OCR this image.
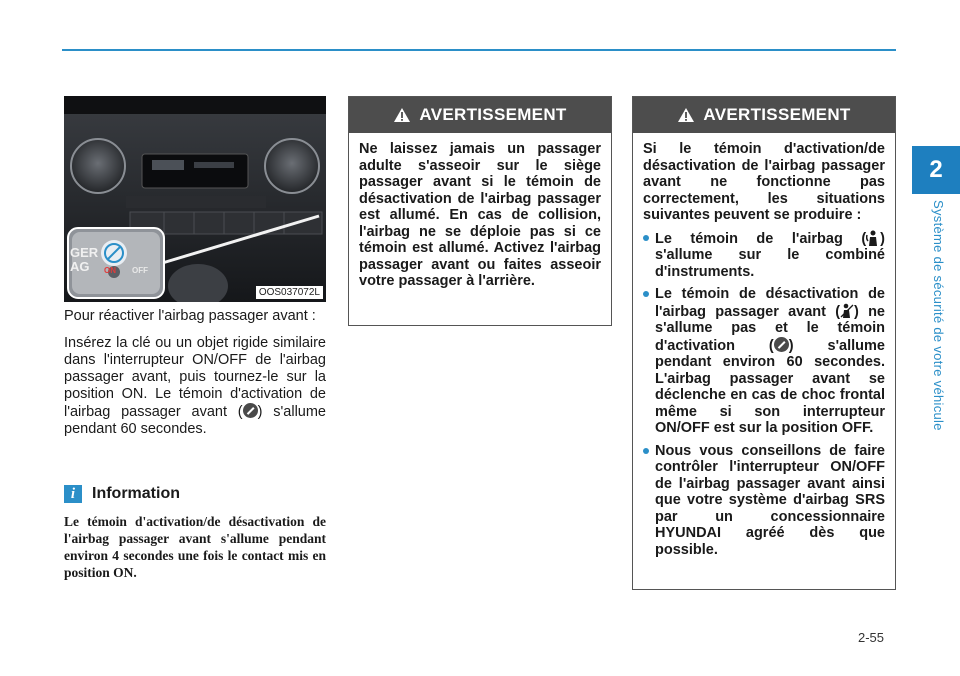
2
Système de sécurité de votre véhicule
2-55
GER
AG	ON OFF
OOS037072L

Pour réactiver l'airbag passager avant :

Insérez la clé ou un objet rigide similaire dans l'interrupteur ON/OFF de l'airbag passager avant, puis tournez-le sur la position ON. Le témoin d'activation de l'airbag passager avant ( ) s'allume pendant 60 secondes.

i	Information
Le témoin d'activation/de désactivation de l'airbag passager avant s'allume pendant environ 4 secondes une fois le contact mis en position ON.
AVERTISSEMENT
Ne laissez jamais un passager adulte s'asseoir sur le siège passager avant si le témoin de désactivation de l'airbag passager est allumé. En cas de collision, l'airbag ne se déploie pas si ce témoin est allumé. Activez l'airbag passager avant ou faites asseoir votre passager à l'arrière.
AVERTISSEMENT

Si le témoin d'activation/de désactivation de l'airbag passager avant ne fonctionne pas correctement, les situations suivantes peuvent se produire :

Le témoin de l'airbag ( ) s'allume sur le combiné d'instruments.
Le témoin de désactivation de l'airbag passager avant ( ) ne s'allume pas et le témoin d'activation ( ) s'allume pendant environ 60 secondes. L'airbag passager avant se déclenche en cas de choc frontal même si son interrupteur ON/OFF est sur la position OFF.
Nous vous conseillons de faire contrôler l'interrupteur ON/OFF de l'airbag passager avant ainsi que votre système d'airbag SRS par un concessionnaire HYUNDAI agréé dès que possible.
